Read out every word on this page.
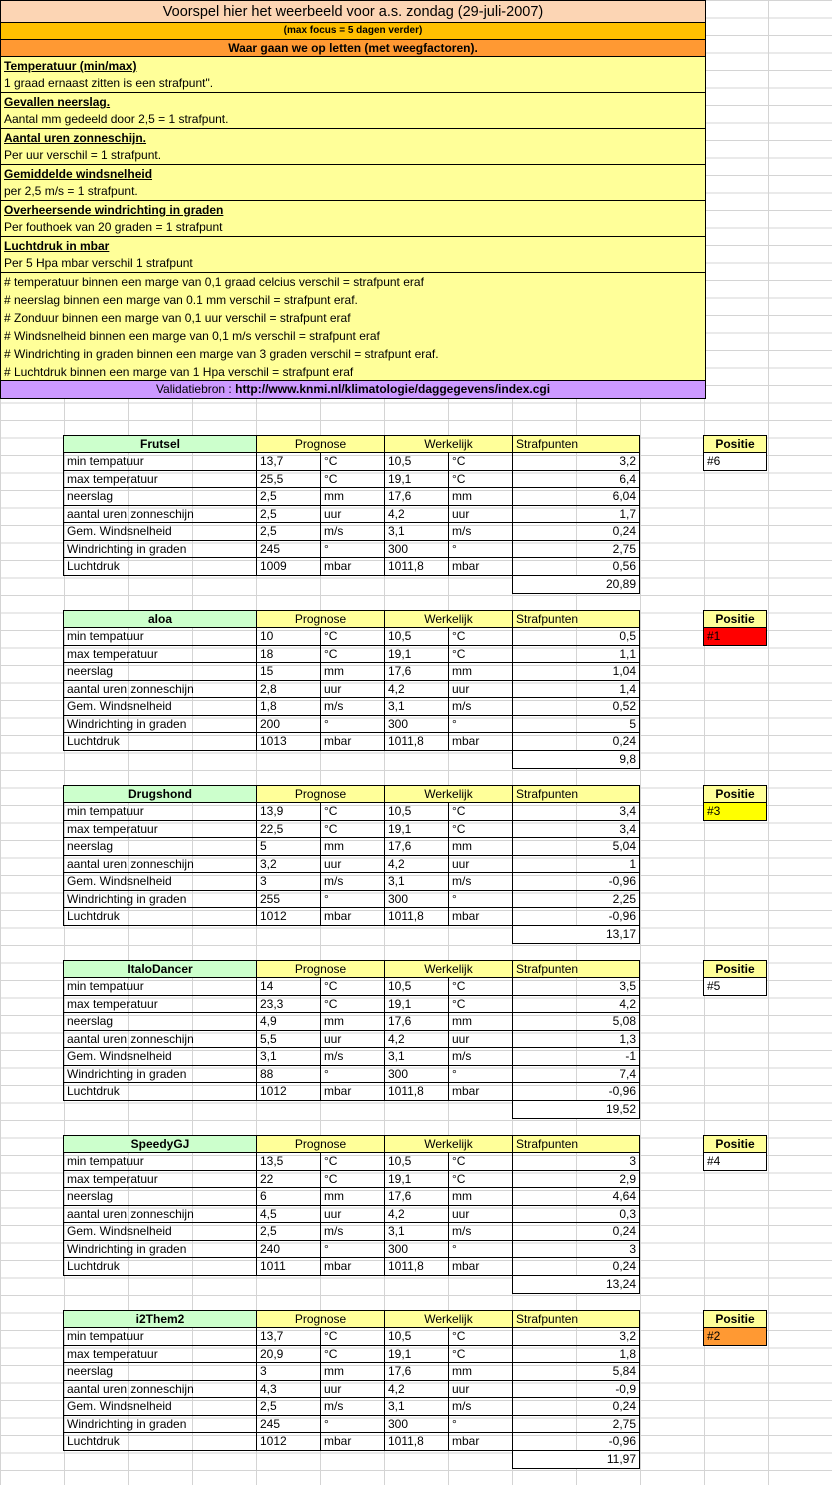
Voorspel hier het weerbeeld voor a.s. zondag (29-juli-2007)
(max focus = 5 dagen verder)
Waar gaan we op letten (met weegfactoren).
Temperatuur (min/max)
1 graad ernaast zitten is een strafpunt".
Gevallen neerslag.
Aantal mm gedeeld door 2,5 = 1 strafpunt.
Aantal uren zonneschijn.
Per uur verschil = 1 strafpunt.
Gemiddelde windsnelheid
per 2,5 m/s = 1 strafpunt.
Overheersende windrichting in graden
Per fouthoek van 20 graden = 1 strafpunt
Luchtdruk in mbar
Per 5 Hpa mbar verschil 1 strafpunt
# temperatuur binnen een marge van 0,1 graad celcius verschil = strafpunt eraf
# neerslag binnen een marge van 0.1 mm verschil = strafpunt eraf.
# Zonduur binnen een marge van 0,1 uur verschil = strafpunt eraf
# Windsnelheid binnen een marge van 0,1 m/s verschil = strafpunt eraf
# Windrichting in graden binnen een marge van 3 graden verschil = strafpunt eraf.
# Luchtdruk binnen een marge van 1 Hpa verschil = strafpunt eraf
Validatiebron : http://www.knmi.nl/klimatologie/daggegevens/index.cgi
Frutsel	Prognose	Werkelijk	Strafpunten
min tempatuur	13,7	°C	10,5	°C	3,2
max temperatuur	25,5	°C	19,1	°C	6,4
neerslag	2,5	mm	17,6	mm	6,04
aantal uren zonneschijn	2,5	uur	4,2	uur	1,7
Gem. Windsnelheid	2,5	m/s	3,1	m/s	0,24
Windrichting in graden	245	°	300	°	2,75
Luchtdruk	1009	mbar	1011,8	mbar	0,56
20,89
Positie
#6
aloa	Prognose	Werkelijk	Strafpunten
min tempatuur	10	°C	10,5	°C	0,5
max temperatuur	18	°C	19,1	°C	1,1
neerslag	15	mm	17,6	mm	1,04
aantal uren zonneschijn	2,8	uur	4,2	uur	1,4
Gem. Windsnelheid	1,8	m/s	3,1	m/s	0,52
Windrichting in graden	200	°	300	°	5
Luchtdruk	1013	mbar	1011,8	mbar	0,24
9,8
Positie
#1
Drugshond	Prognose	Werkelijk	Strafpunten
min tempatuur	13,9	°C	10,5	°C	3,4
max temperatuur	22,5	°C	19,1	°C	3,4
neerslag	5	mm	17,6	mm	5,04
aantal uren zonneschijn	3,2	uur	4,2	uur	1
Gem. Windsnelheid	3	m/s	3,1	m/s	-0,96
Windrichting in graden	255	°	300	°	2,25
Luchtdruk	1012	mbar	1011,8	mbar	-0,96
13,17
Positie
#3
ItaloDancer	Prognose	Werkelijk	Strafpunten
min tempatuur	14	°C	10,5	°C	3,5
max temperatuur	23,3	°C	19,1	°C	4,2
neerslag	4,9	mm	17,6	mm	5,08
aantal uren zonneschijn	5,5	uur	4,2	uur	1,3
Gem. Windsnelheid	3,1	m/s	3,1	m/s	-1
Windrichting in graden	88	°	300	°	7,4
Luchtdruk	1012	mbar	1011,8	mbar	-0,96
19,52
Positie
#5
SpeedyGJ	Prognose	Werkelijk	Strafpunten
min tempatuur	13,5	°C	10,5	°C	3
max temperatuur	22	°C	19,1	°C	2,9
neerslag	6	mm	17,6	mm	4,64
aantal uren zonneschijn	4,5	uur	4,2	uur	0,3
Gem. Windsnelheid	2,5	m/s	3,1	m/s	0,24
Windrichting in graden	240	°	300	°	3
Luchtdruk	1011	mbar	1011,8	mbar	0,24
13,24
Positie
#4
i2Them2	Prognose	Werkelijk	Strafpunten
min tempatuur	13,7	°C	10,5	°C	3,2
max temperatuur	20,9	°C	19,1	°C	1,8
neerslag	3	mm	17,6	mm	5,84
aantal uren zonneschijn	4,3	uur	4,2	uur	-0,9
Gem. Windsnelheid	2,5	m/s	3,1	m/s	0,24
Windrichting in graden	245	°	300	°	2,75
Luchtdruk	1012	mbar	1011,8	mbar	-0,96
11,97
Positie
#2
